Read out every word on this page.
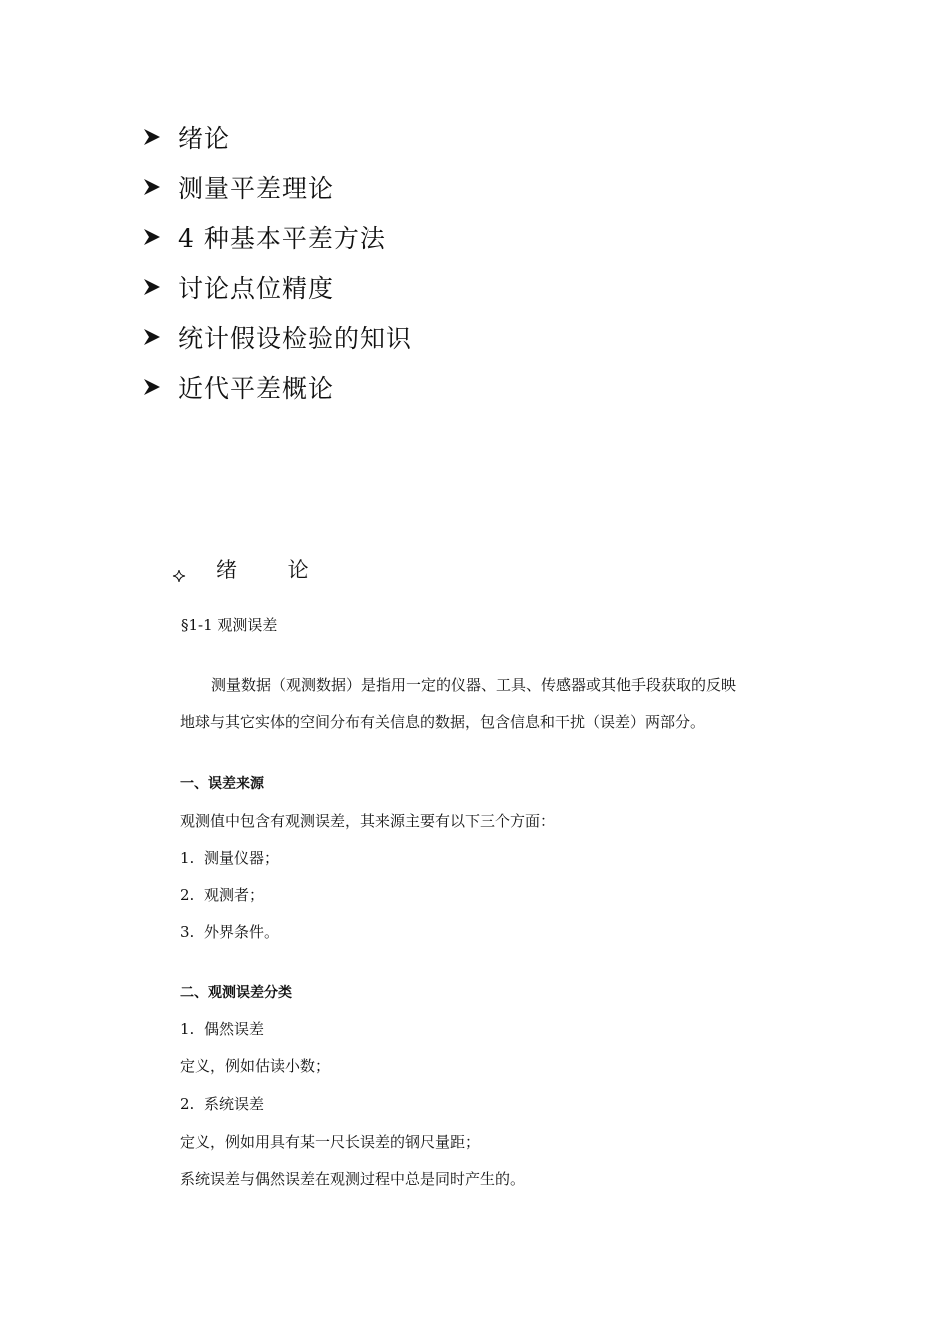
绪论
测量平差理论
4 种基本平差方法
讨论点位精度
统计假设检验的知识
近代平差概论
绪 论
§1-1 观测误差
测量数据（观测数据）是指用一定的仪器、工具、传感器或其他手段获取的反映
地球与其它实体的空间分布有关信息的数据，包含信息和干扰（误差）两部分。
一、误差来源
观测值中包含有观测误差，其来源主要有以下三个方面：
1. 测量仪器；
2. 观测者；
3. 外界条件。
二、观测误差分类
1. 偶然误差
定义，例如估读小数；
2. 系统误差
定义，例如用具有某一尺长误差的钢尺量距；
系统误差与偶然误差在观测过程中总是同时产生的。
